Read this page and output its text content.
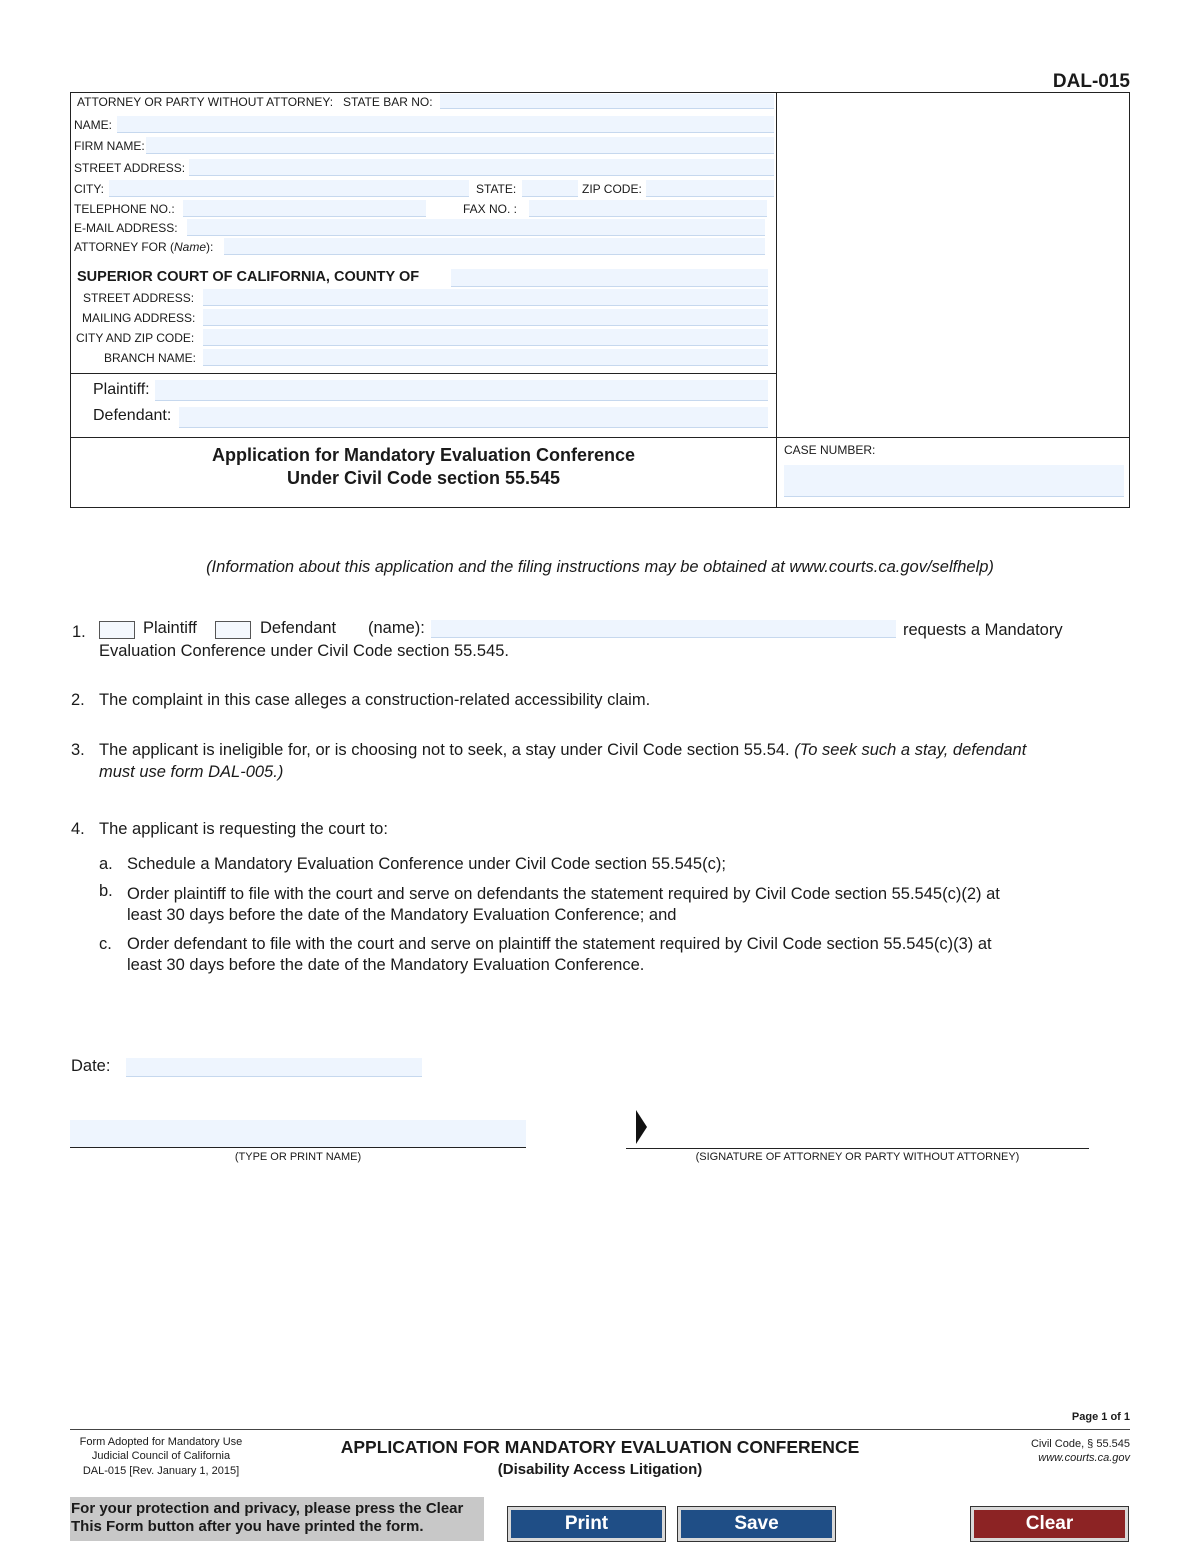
DAL-015
ATTORNEY OR PARTY WITHOUT ATTORNEY: STATE BAR NO:
NAME:
FIRM NAME:
STREET ADDRESS:
CITY:	STATE:	ZIP CODE:
TELEPHONE NO.:	FAX NO. :
E-MAIL ADDRESS:
ATTORNEY FOR (Name):
SUPERIOR COURT OF CALIFORNIA, COUNTY OF
STREET ADDRESS:
MAILING ADDRESS:
CITY AND ZIP CODE:
BRANCH NAME:
Plaintiff:
Defendant:
Application for Mandatory Evaluation Conference
Under Civil Code section 55.545
CASE NUMBER:
(Information about this application and the filing instructions may be obtained at www.courts.ca.gov/selfhelp)
1.	Plaintiff	Defendant (name):	requests a Mandatory
Evaluation Conference under Civil Code section 55.545.
2. The complaint in this case alleges a construction-related accessibility claim.
3. The applicant is ineligible for, or is choosing not to seek, a stay under Civil Code section 55.54. (To seek such a stay, defendant
must use form DAL-005.)
4. The applicant is requesting the court to:
a. Schedule a Mandatory Evaluation Conference under Civil Code section 55.545(c);
b. Order plaintiff to file with the court and serve on defendants the statement required by Civil Code section 55.545(c)(2) at
least 30 days before the date of the Mandatory Evaluation Conference; and
c. Order defendant to file with the court and serve on plaintiff the statement required by Civil Code section 55.545(c)(3) at
least 30 days before the date of the Mandatory Evaluation Conference.
Date:
(TYPE OR PRINT NAME)	(SIGNATURE OF ATTORNEY OR PARTY WITHOUT ATTORNEY)
Page 1 of 1
Form Adopted for Mandatory Use
Judicial Council of California
DAL-015 [Rev. January 1, 2015]
APPLICATION FOR MANDATORY EVALUATION CONFERENCE
(Disability Access Litigation)
Civil Code, § 55.545
www.courts.ca.gov
For your protection and privacy, please press the Clear
This Form button after you have printed the form.	Print	Save	Clear
